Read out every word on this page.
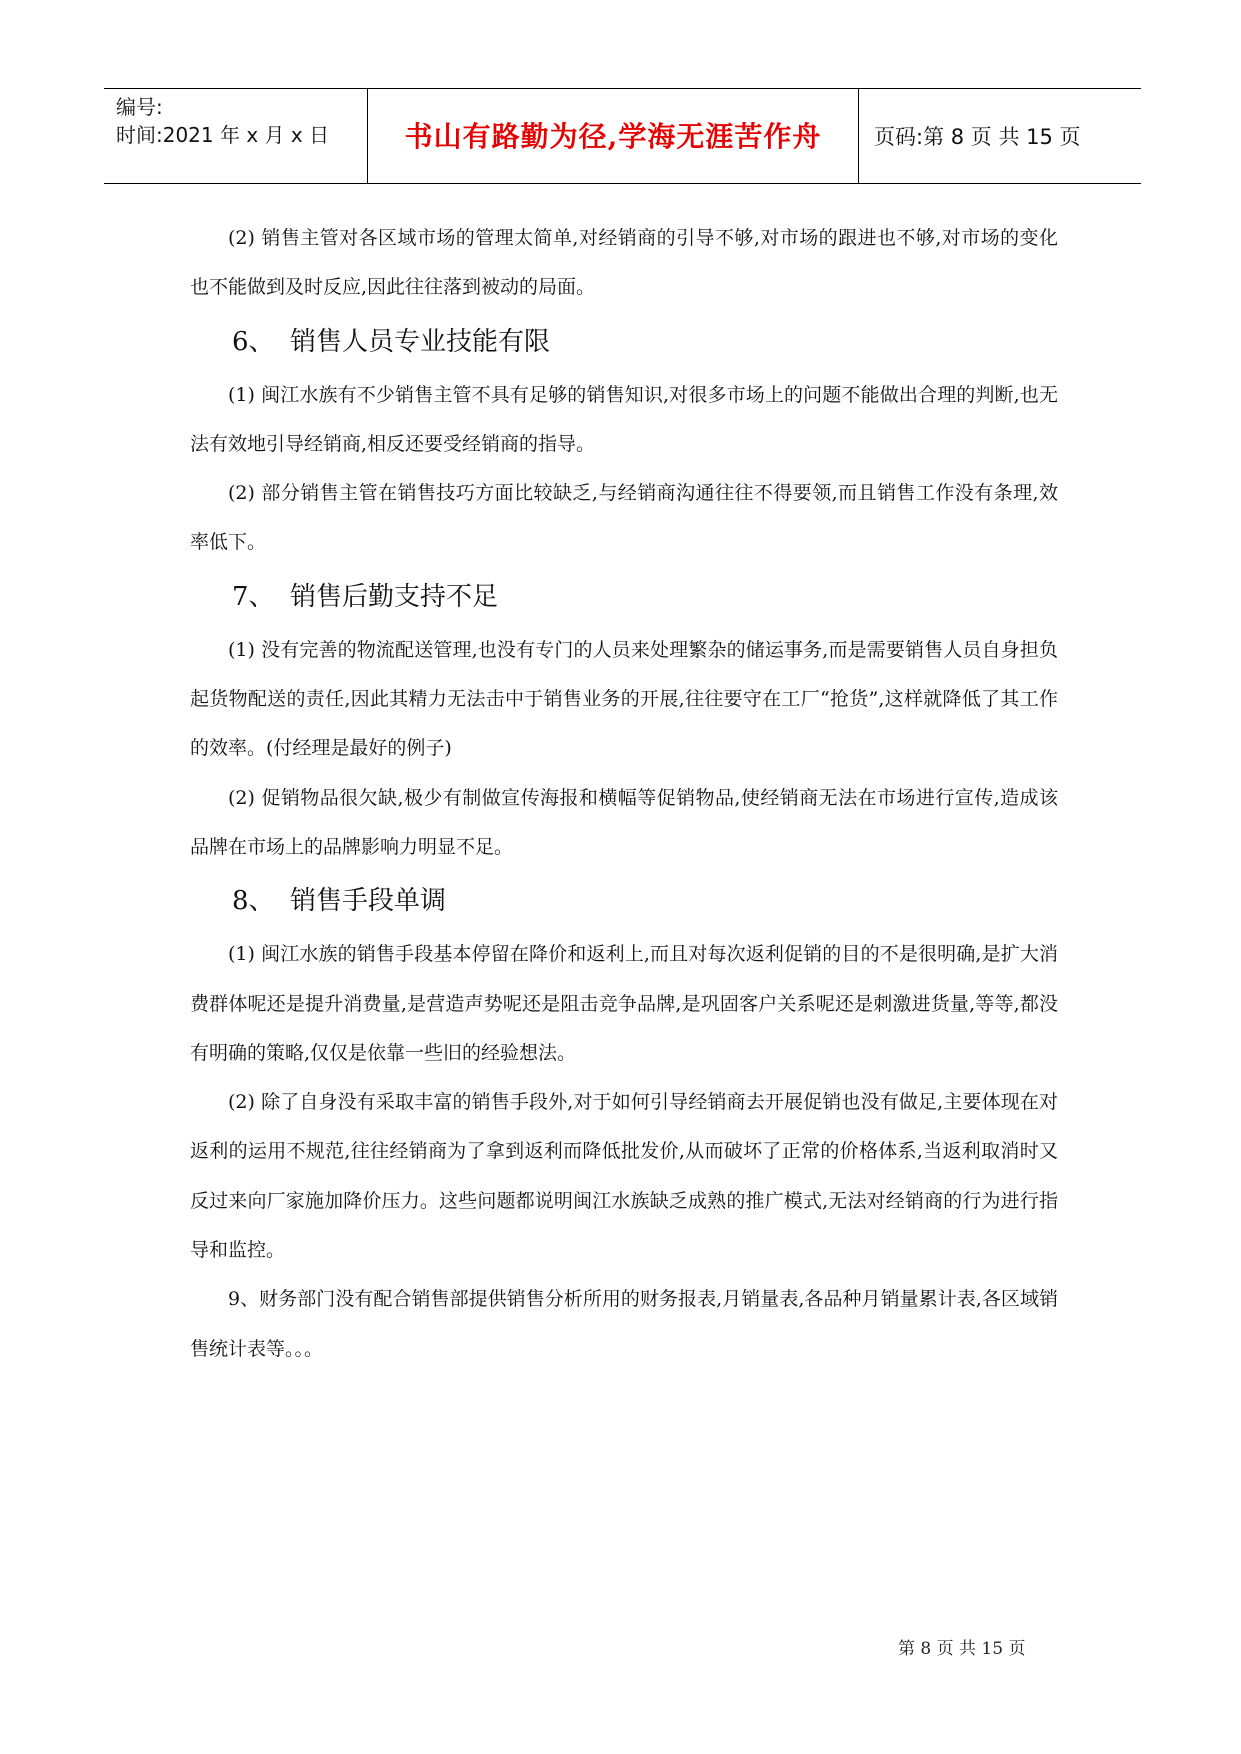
编号:
时间:2021 年 x 月 x 日	书山有路勤为径,学海无涯苦作舟	页码:第 8 页 共 15 页

(2) 销售主管对各区域市场的管理太简单,对经销商的引导不够,对市场的跟进也不够,对市场的变化也不能做到及时反应,因此往往落到被动的局面。

6、 销售人员专业技能有限

(1) 闽江水族有不少销售主管不具有足够的销售知识,对很多市场上的问题不能做出合理的判断,也无法有效地引导经销商,相反还要受经销商的指导。

(2) 部分销售主管在销售技巧方面比较缺乏,与经销商沟通往往不得要领,而且销售工作没有条理,效率低下。

7、 销售后勤支持不足

(1) 没有完善的物流配送管理,也没有专门的人员来处理繁杂的储运事务,而是需要销售人员自身担负起货物配送的责任,因此其精力无法击中于销售业务的开展,往往要守在工厂“抢货”,这样就降低了其工作的效率。(付经理是最好的例子)

(2) 促销物品很欠缺,极少有制做宣传海报和横幅等促销物品,使经销商无法在市场进行宣传,造成该品牌在市场上的品牌影响力明显不足。

8、 销售手段单调

(1) 闽江水族的销售手段基本停留在降价和返利上,而且对每次返利促销的目的不是很明确,是扩大消费群体呢还是提升消费量,是营造声势呢还是阻击竞争品牌,是巩固客户关系呢还是刺激进货量,等等,都没有明确的策略,仅仅是依靠一些旧的经验想法。

(2) 除了自身没有采取丰富的销售手段外,对于如何引导经销商去开展促销也没有做足,主要体现在对返利的运用不规范,往往经销商为了拿到返利而降低批发价,从而破坏了正常的价格体系,当返利取消时又反过来向厂家施加降价压力。这些问题都说明闽江水族缺乏成熟的推广模式,无法对经销商的行为进行指导和监控。

9、财务部门没有配合销售部提供销售分析所用的财务报表,月销量表,各品种月销量累计表,各区域销售统计表等。。。

第 8 页 共 15 页
